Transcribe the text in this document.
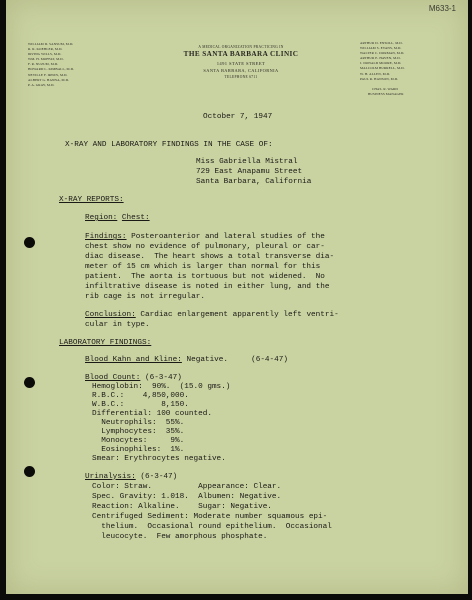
M633-1
WILLIAM D. SANSUM, M.D.
R. R. KOEHLER, M.D.
IRVING WILLS, M.D.
WM. H. MOFFAT, M.D.
F. R. NUZUM, M.D.
HOWARD L. KIMBALL, M.D.
NEVILLE F. IRWIN, M.D.
ALBERT G. HANNA, M.D.
P. A. GRAY, M.D.
A MEDICAL ORGANIZATION PRACTICING IN
THE SANTA BARBARA CLINIC
1491 STATE STREET
SANTA BARBARA, CALIFORNIA
TELEPHONE 6711
ARTHUR D. ENSOLL, M.D.
WILLIAM S. EVANS, M.D.
WALTER C. DORMAN, M.D.
ARTHUR E. HAVEN, M.D.
J. DONALD MOORE, M.D.
MALCOLM BURRELL, M.D.
W. H. ALLEN, M.D.
PAUL R. HANSON, M.D.
CHAS. R. WARD
BUSINESS MANAGER
October 7, 1947
X-RAY AND LABORATORY FINDINGS IN THE CASE OF:
Miss Gabriella Mistral
729 East Anapamu Street
Santa Barbara, California
X-RAY REPORTS:
Region: Chest:
Findings: Posteroanterior and lateral studies of the
chest show no evidence of pulmonary, pleural or car-
diac disease.  The heart shows a total transverse dia-
meter of 15 cm which is larger than normal for this
patient.  The aorta is tortuous but not widened.  No
infiltrative disease is noted in either lung, and the
rib cage is not irregular.
Conclusion: Cardiac enlargement apparently left ventri-
cular in type.
LABORATORY FINDINGS:
Blood Kahn and Kline: Negative.     (6-4-47)
Blood Count: (6-3-47)
Hemoglobin:  90%.  (15.0 gms.)
R.B.C.:    4,850,000.
W.B.C.:        8,150.
Differential: 100 counted.
Neutrophils:  55%.
Lymphocytes:  35%.
Monocytes:     9%.
Eosinophiles:  1%.
Smear: Erythrocytes negative.
Urinalysis: (6-3-47)
Color: Straw.          Appearance: Clear.
Spec. Gravity: 1.018.  Albumen: Negative.
Reaction: Alkaline.    Sugar: Negative.
Centrifuged Sediment: Moderate number squamous epi-
thelium.  Occasional round epithelium.  Occasional
leucocyte.  Few amorphous phosphate.
